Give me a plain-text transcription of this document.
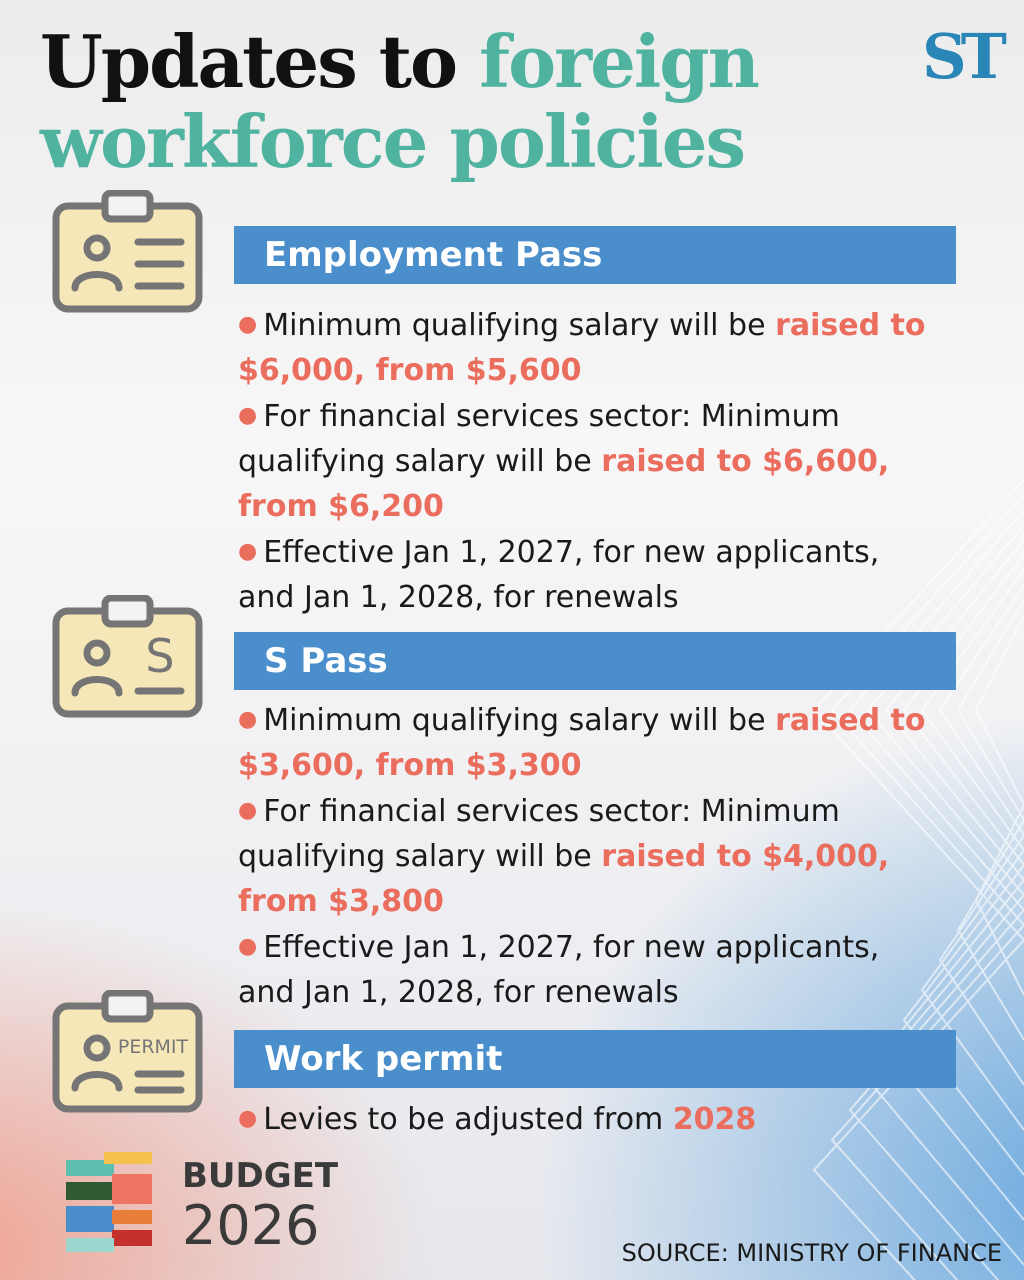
Updates to foreign
workforce policies
ST
Employment Pass
● Minimum qualifying salary will be raised to $6,000, from $5,600
● For financial services sector: Minimum qualifying salary will be raised to $6,600, from $6,200
● Effective Jan 1, 2027, for new applicants, and Jan 1, 2028, for renewals
S	S Pass
● Minimum qualifying salary will be raised to $3,600, from $3,300
● For financial services sector: Minimum qualifying salary will be raised to $4,000, from $3,800
● Effective Jan 1, 2027, for new applicants, and Jan 1, 2028, for renewals
PERMIT	Work permit
● Levies to be adjusted from 2028
BUDGET
2026	SOURCE: MINISTRY OF FINANCE
